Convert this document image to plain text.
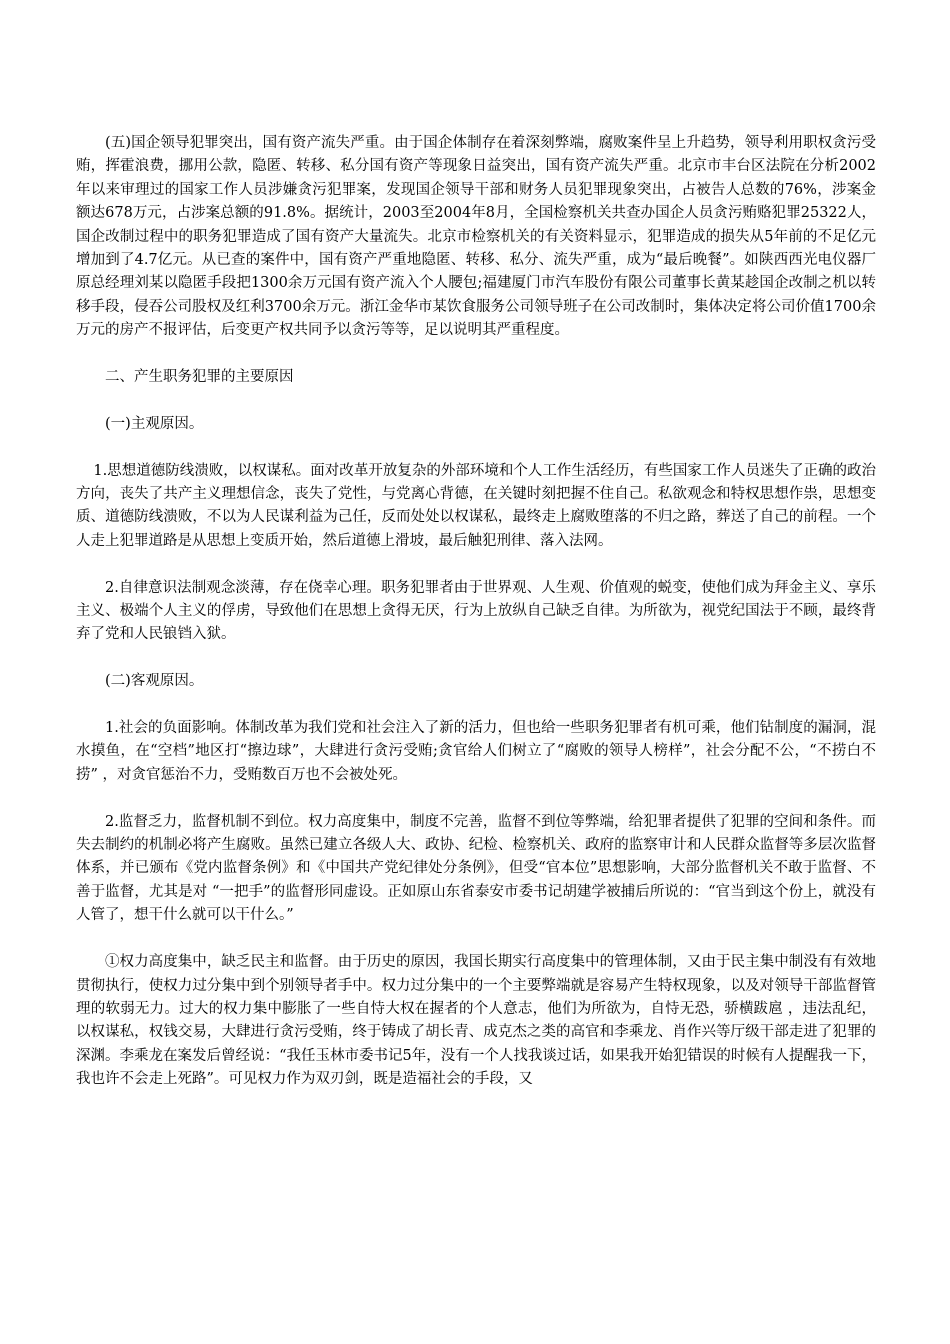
(五)国企领导犯罪突出，国有资产流失严重。由于国企体制存在着深刻弊端，腐败案件呈上升趋势，领导利用职权贪污受贿，挥霍浪费，挪用公款，隐匿、转移、私分国有资产等现象日益突出，国有资产流失严重。北京市丰台区法院在分析2002年以来审理过的国家工作人员涉嫌贪污犯罪案，发现国企领导干部和财务人员犯罪现象突出，占被告人总数的76%，涉案金额达678万元，占涉案总额的91.8%。据统计，2003至2004年8月，全国检察机关共查办国企人员贪污贿赂犯罪25322人，国企改制过程中的职务犯罪造成了国有资产大量流失。北京市检察机关的有关资料显示，犯罪造成的损失从5年前的不足亿元增加到了4.7亿元。从已查的案件中，国有资产严重地隐匿、转移、私分、流失严重，成为“最后晚餐”。如陕西西光电仪器厂原总经理刘某以隐匿手段把1300余万元国有资产流入个人腰包;福建厦门市汽车股份有限公司董事长黄某趁国企改制之机以转移手段，侵吞公司股权及红利3700余万元。浙江金华市某饮食服务公司领导班子在公司改制时，集体决定将公司价值1700余万元的房产不报评估，后变更产权共同予以贪污等等，足以说明其严重程度。

二、产生职务犯罪的主要原因

(一)主观原因。

1.思想道德防线溃败，以权谋私。面对改革开放复杂的外部环境和个人工作生活经历，有些国家工作人员迷失了正确的政治方向，丧失了共产主义理想信念，丧失了党性，与党离心背德，在关键时刻把握不住自己。私欲观念和特权思想作祟，思想变质、道德防线溃败，不以为人民谋利益为己任，反而处处以权谋私，最终走上腐败堕落的不归之路，葬送了自己的前程。一个人走上犯罪道路是从思想上变质开始，然后道德上滑坡，最后触犯刑律、落入法网。

2.自律意识法制观念淡薄，存在侥幸心理。职务犯罪者由于世界观、人生观、价值观的蜕变，使他们成为拜金主义、享乐主义、极端个人主义的俘虏，导致他们在思想上贪得无厌，行为上放纵自己缺乏自律。为所欲为，视党纪国法于不顾，最终背弃了党和人民锒铛入狱。

(二)客观原因。

1.社会的负面影响。体制改革为我们党和社会注入了新的活力，但也给一些职务犯罪者有机可乘，他们钻制度的漏洞，混水摸鱼，在“空档”地区打“擦边球”，大肆进行贪污受贿;贪官给人们树立了“腐败的领导人榜样”，社会分配不公，“不捞白不捞” ，对贪官惩治不力，受贿数百万也不会被处死。

2.监督乏力，监督机制不到位。权力高度集中，制度不完善，监督不到位等弊端，给犯罪者提供了犯罪的空间和条件。而失去制约的机制必将产生腐败。虽然已建立各级人大、政协、纪检、检察机关、政府的监察审计和人民群众监督等多层次监督体系，并已颁布《党内监督条例》和《中国共产党纪律处分条例》，但受“官本位”思想影响，大部分监督机关不敢于监督、不善于监督，尤其是对 “一把手”的监督形同虚设。正如原山东省泰安市委书记胡建学被捕后所说的：“官当到这个份上，就没有人管了，想干什么就可以干什么。”

①权力高度集中，缺乏民主和监督。由于历史的原因，我国长期实行高度集中的管理体制，又由于民主集中制没有有效地贯彻执行，使权力过分集中到个别领导者手中。权力过分集中的一个主要弊端就是容易产生特权现象，以及对领导干部监督管理的软弱无力。过大的权力集中膨胀了一些自恃大权在握者的个人意志，他们为所欲为，自恃无恐，骄横跋扈 ，违法乱纪，以权谋私，权钱交易，大肆进行贪污受贿，终于铸成了胡长青、成克杰之类的高官和李乘龙、肖作兴等厅级干部走进了犯罪的深渊。李乘龙在案发后曾经说：“我任玉林市委书记5年，没有一个人找我谈过话，如果我开始犯错误的时候有人提醒我一下，我也许不会走上死路”。可见权力作为双刃剑，既是造福社会的手段，又
